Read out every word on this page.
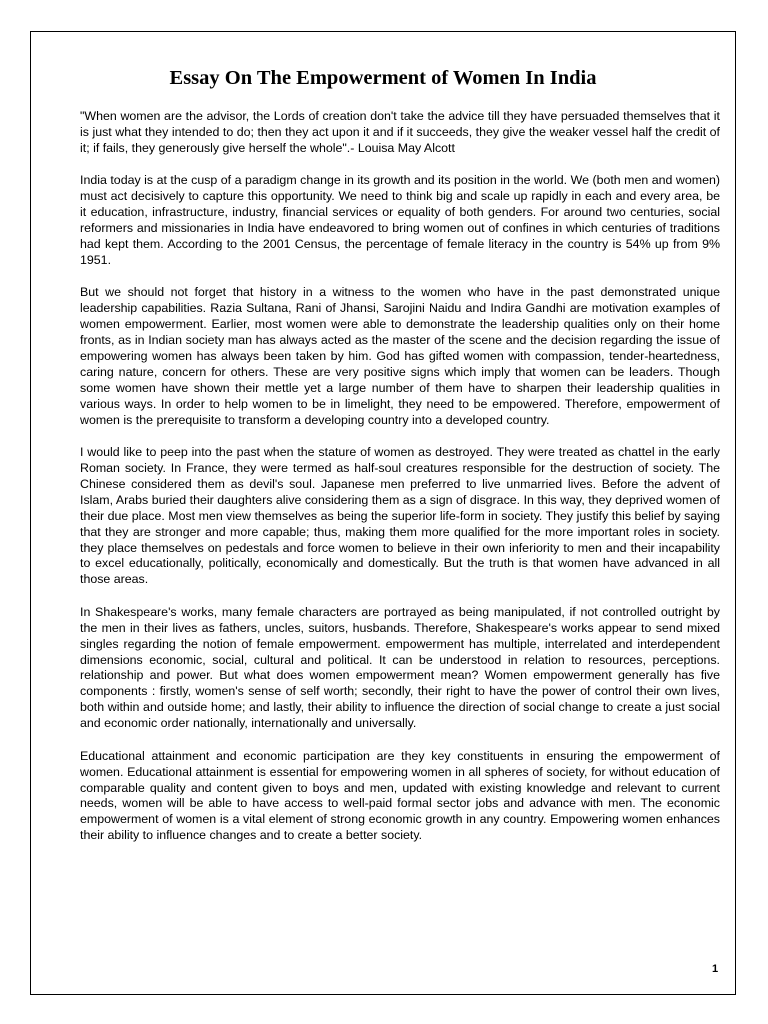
Essay On The Empowerment of Women In India

"When women are the advisor, the Lords of creation don't take the advice till they have persuaded themselves that it is just what they intended to do; then they act upon it and if it succeeds, they give the weaker vessel half the credit of it; if fails, they generously give herself the whole".- Louisa May Alcott

India today is at the cusp of a paradigm change in its growth and its position in the world. We (both men and women) must act decisively to capture this opportunity. We need to think big and scale up rapidly in each and every area, be it education, infrastructure, industry, financial services or equality of both genders. For around two centuries, social reformers and missionaries in India have endeavored to bring women out of confines in which centuries of traditions had kept them. According to the 2001 Census, the percentage of female literacy in the country is 54% up from 9% 1951.

But we should not forget that history in a witness to the women who have in the past demonstrated unique leadership capabilities. Razia Sultana, Rani of Jhansi, Sarojini Naidu and Indira Gandhi are motivation examples of women empowerment. Earlier, most women were able to demonstrate the leadership qualities only on their home fronts, as in Indian society man has always acted as the master of the scene and the decision regarding the issue of empowering women has always been taken by him. God has gifted women with compassion, tender-heartedness, caring nature, concern for others. These are very positive signs which imply that women can be leaders. Though some women have shown their mettle yet a large number of them have to sharpen their leadership qualities in various ways. In order to help women to be in limelight, they need to be empowered. Therefore, empowerment of women is the prerequisite to transform a developing country into a developed country.

I would like to peep into the past when the stature of women as destroyed. They were treated as chattel in the early Roman society. In France, they were termed as half-soul creatures responsible for the destruction of society. The Chinese considered them as devil's soul. Japanese men preferred to live unmarried lives. Before the advent of Islam, Arabs buried their daughters alive considering them as a sign of disgrace. In this way, they deprived women of their due place. Most men view themselves as being the superior life-form in society. They justify this belief by saying that they are stronger and more capable; thus, making them more qualified for the more important roles in society. they place themselves on pedestals and force women to believe in their own inferiority to men and their incapability to excel educationally, politically, economically and domestically. But the truth is that women have advanced in all those areas.

In Shakespeare's works, many female characters are portrayed as being manipulated, if not controlled outright by the men in their lives as fathers, uncles, suitors, husbands. Therefore, Shakespeare's works appear to send mixed singles regarding the notion of female empowerment. empowerment has multiple, interrelated and interdependent dimensions economic, social, cultural and political. It can be understood in relation to resources, perceptions. relationship and power. But what does women empowerment mean? Women empowerment generally has five components : firstly, women's sense of self worth; secondly, their right to have the power of control their own lives, both within and outside home; and lastly, their ability to influence the direction of social change to create a just social and economic order nationally, internationally and universally.

Educational attainment and economic participation are they key constituents in ensuring the empowerment of women. Educational attainment is essential for empowering women in all spheres of society, for without education of comparable quality and content given to boys and men, updated with existing knowledge and relevant to current needs, women will be able to have access to well-paid formal sector jobs and advance with men. The economic empowerment of women is a vital element of strong economic growth in any country. Empowering women enhances their ability to influence changes and to create a better society.

1
